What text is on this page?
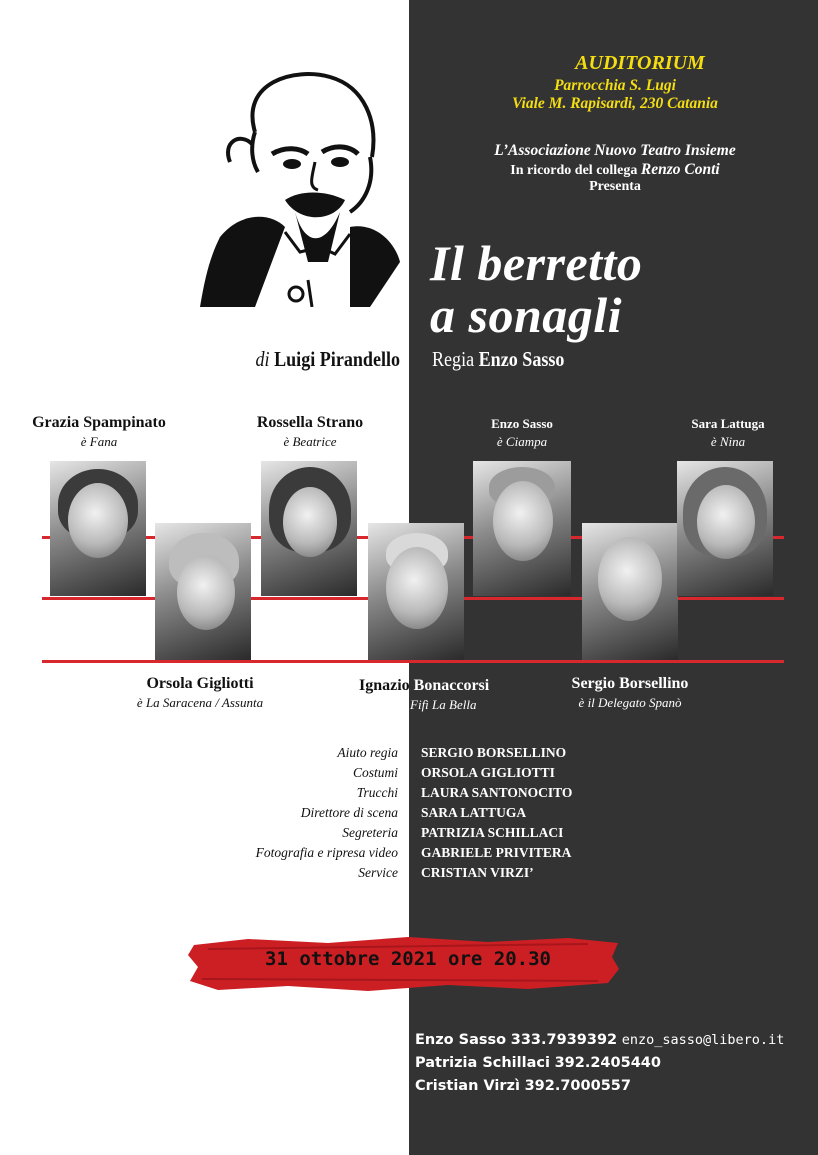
AUDITORIUM
Parrocchia S. Lugi
Viale M. Rapisardi, 230 Catania
L’Associazione Nuovo Teatro Insieme
In ricordo del collega Renzo Conti
Presenta
Il berretto
a sonagli
di Luigi Pirandello Regia Enzo Sasso
Grazia Spampinato
è Fana
Rossella Strano
è Beatrice
Enzo Sasso
è Ciampa
Sara Lattuga
è Nina
Orsola Gigliotti
è La Saracena / Assunta
Ignazio Bonaccorsi
è Fifì La Bella
Sergio Borsellino
è il Delegato Spanò
Aiuto regia SERGIO BORSELLINO
Costumi ORSOLA GIGLIOTTI
Trucchi LAURA SANTONOCITO
Direttore di scena SARA LATTUGA
Segreteria PATRIZIA SCHILLACI
Fotografia e ripresa video GABRIELE PRIVITERA
Service CRISTIAN VIRZI’
31 ottobre 2021 ore 20.30
Info: Enzo Sasso 333.7939392 enzo_sasso@libero.it
Patrizia Schillaci 392.2405440
Cristian Virzì 392.7000557
